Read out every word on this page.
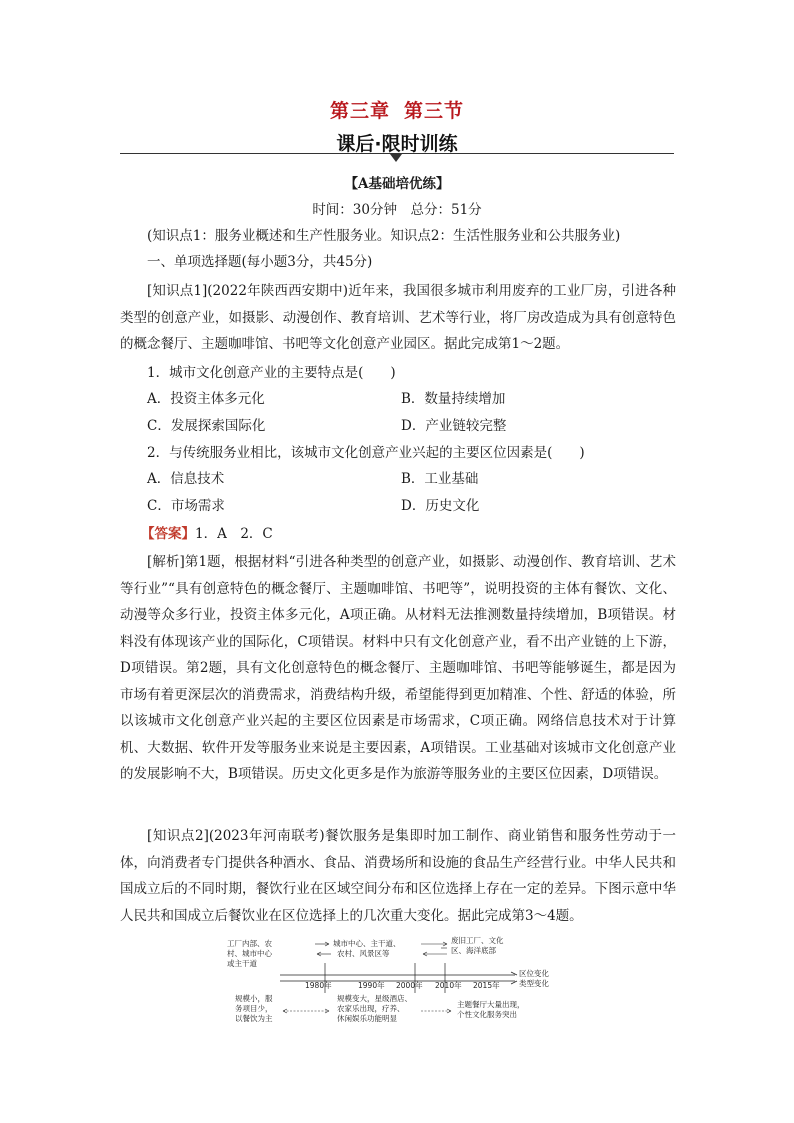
第三章 第三节
课后·限时训练
【A基础培优练】
时间：30分钟　总分：51分
(知识点1：服务业概述和生产性服务业。知识点2：生活性服务业和公共服务业)
一、单项选择题(每小题3分，共45分)
[知识点1](2022年陕西西安期中)近年来，我国很多城市利用废弃的工业厂房，引进各种类型的创意产业，如摄影、动漫创作、教育培训、艺术等行业，将厂房改造成为具有创意特色的概念餐厅、主题咖啡馆、书吧等文化创意产业园区。据此完成第1～2题。
1．城市文化创意产业的主要特点是(　　)
A．投资主体多元化	B．数量持续增加
C．发展探索国际化	D．产业链较完整
2．与传统服务业相比，该城市文化创意产业兴起的主要区位因素是(　　)
A．信息技术	B．工业基础
C．市场需求	D．历史文化
【答案】1．A　2．C
[解析]第1题，根据材料“引进各种类型的创意产业，如摄影、动漫创作、教育培训、艺术等行业”“具有创意特色的概念餐厅、主题咖啡馆、书吧等”，说明投资的主体有餐饮、文化、动漫等众多行业，投资主体多元化，A项正确。从材料无法推测数量持续增加，B项错误。材料没有体现该产业的国际化，C项错误。材料中只有文化创意产业，看不出产业链的上下游，D项错误。第2题，具有文化创意特色的概念餐厅、主题咖啡馆、书吧等能够诞生，都是因为市场有着更深层次的消费需求，消费结构升级，希望能得到更加精准、个性、舒适的体验，所以该城市文化创意产业兴起的主要区位因素是市场需求，C项正确。网络信息技术对于计算机、大数据、软件开发等服务业来说是主要因素，A项错误。工业基础对该城市文化创意产业的发展影响不大，B项错误。历史文化更多是作为旅游等服务业的主要区位因素，D项错误。
[知识点2](2023年河南联考)餐饮服务是集即时加工制作、商业销售和服务性劳动于一体，向消费者专门提供各种酒水、食品、消费场所和设施的食品生产经营行业。中华人民共和国成立后的不同时期，餐饮行业在区域空间分布和区位选择上存在一定的差异。下图示意中华人民共和国成立后餐饮业在区位选择上的几次重大变化。据此完成第3～4题。
工厂内部、农
村、城市中心
或主干道
城市中心、主干道、
农村、风景区等
废旧工厂、文化
区、海洋底部
区位变化
类型变化
1980年	1990年 2000年 2010年 2015年
规模小，服
务项目少，
以餐饮为主
规模变大，星级酒店、
农家乐出现，疗养、
休闲娱乐功能明显
主题餐厅大量出现，
个性文化服务突出
